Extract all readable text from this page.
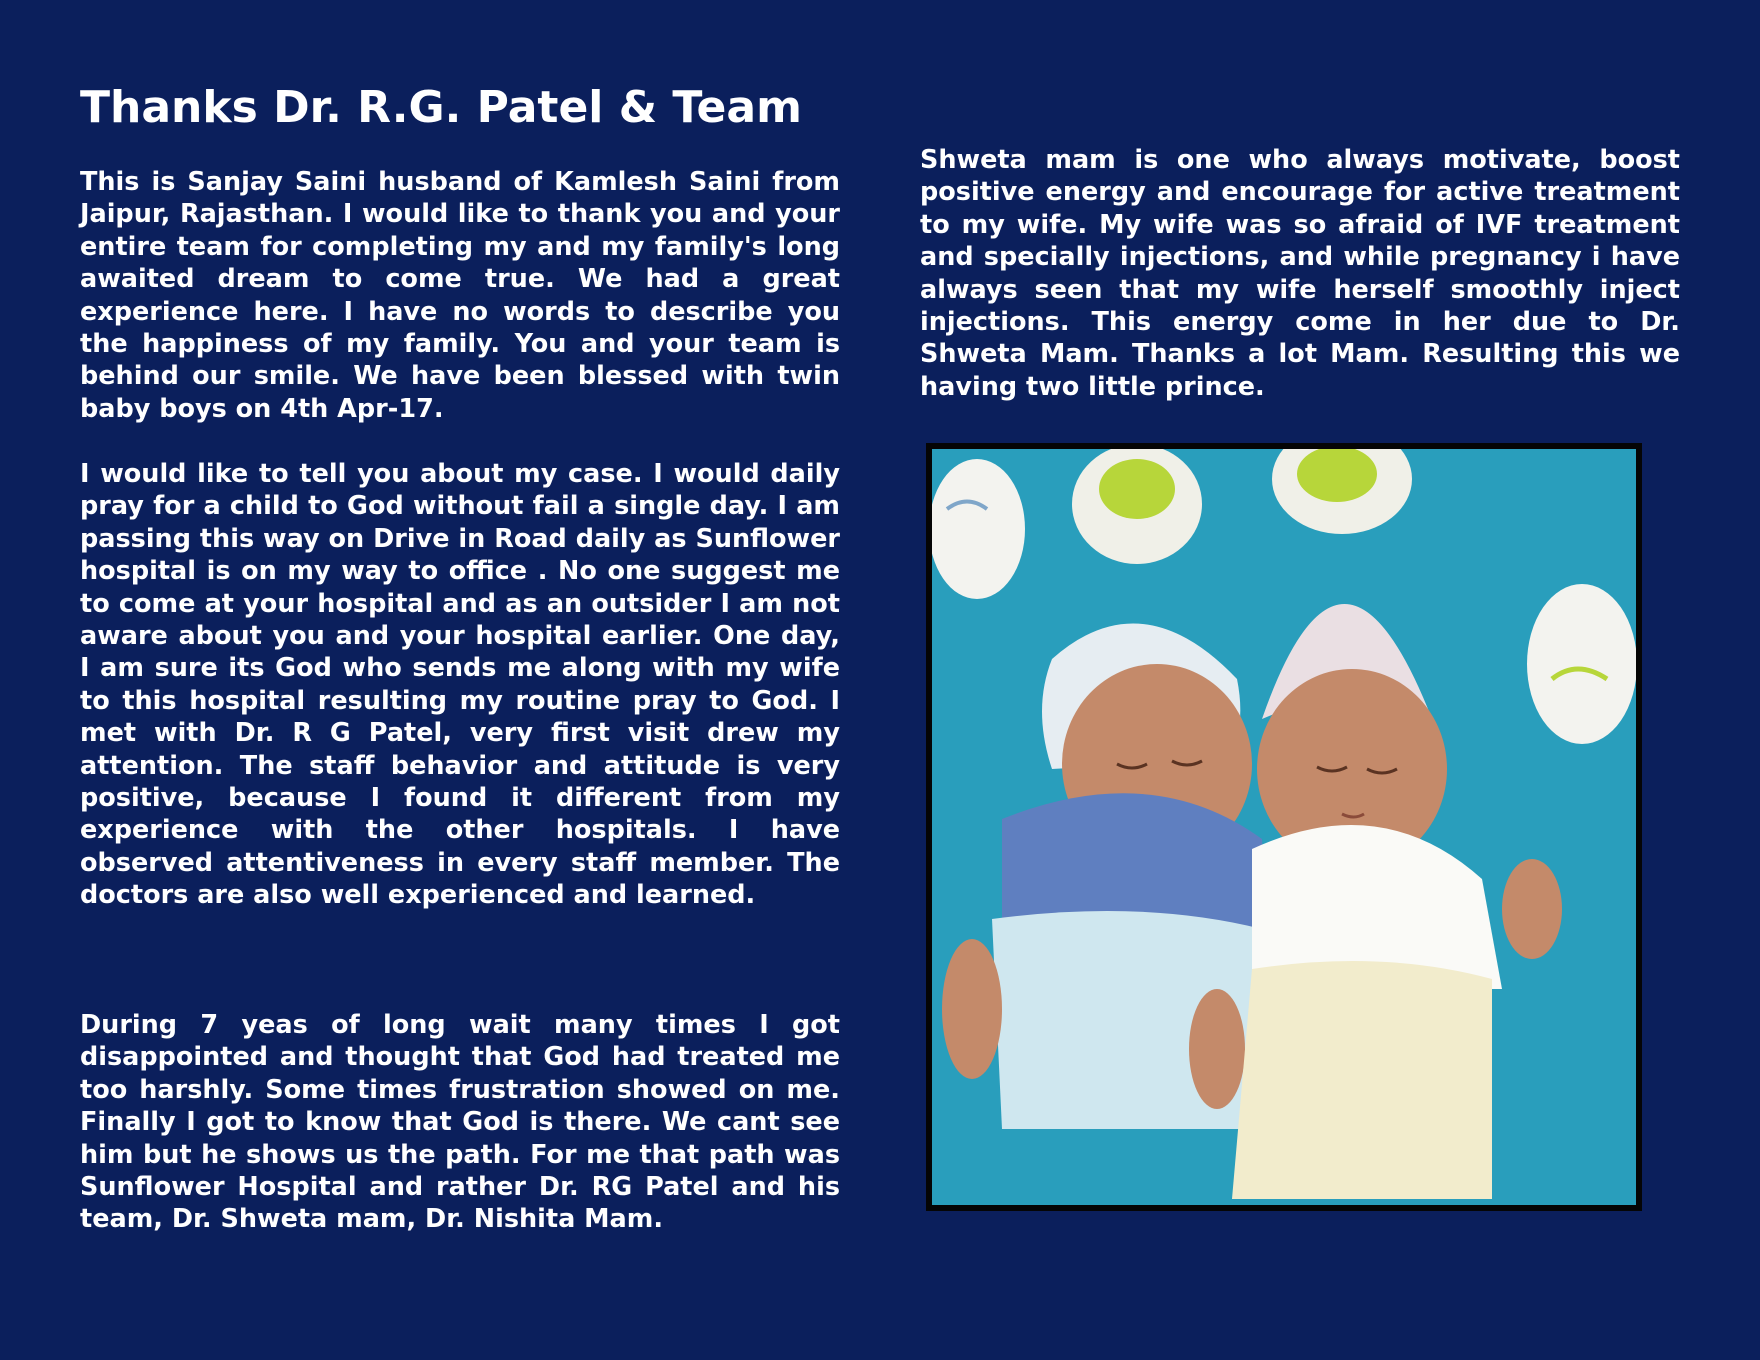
Thanks Dr. R.G. Patel & Team

This is Sanjay Saini husband of Kamlesh Saini from Jaipur, Rajasthan. I would like to thank you and your entire team for completing my and my family's long awaited dream to come true. We had a great experience here. I have no words to describe you the happiness of my family. You and your team is behind our smile. We have been blessed with twin baby boys on 4th Apr-17.

I would like to tell you about my case. I would daily pray for a child to God without fail a single day. I am passing this way on Drive in Road daily as Sunflower hospital is on my way to office . No one suggest me to come at your hospital and as an outsider I am not aware about you and your hospital earlier. One day, I am sure its God who sends me along with my wife to this hospital resulting my routine pray to God. I met with Dr. R G Patel, very first visit drew my attention. The staff behavior and attitude is very positive, because I found it different from my experience with the other hospitals. I have observed attentiveness in every staff member. The doctors are also well experienced and learned.

During 7 yeas of long wait many times I got disappointed and thought that God had treated me too harshly. Some times frustration showed on me. Finally I got to know that God is there. We cant see him but he shows us the path. For me that path was Sunflower Hospital and rather Dr. RG Patel and his team, Dr. Shweta mam, Dr. Nishita Mam.

Shweta mam is one who always motivate, boost positive energy and encourage for active treatment to my wife. My wife was so afraid of IVF treatment and specially injections, and while pregnancy i have always seen that my wife herself smoothly inject injections. This energy come in her due to Dr. Shweta Mam. Thanks a lot Mam. Resulting this we having two little prince.
